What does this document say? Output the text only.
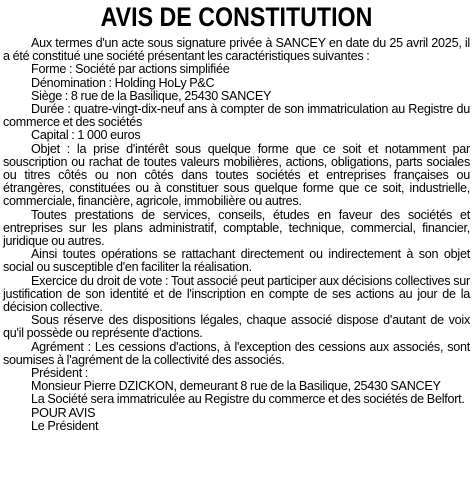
AVIS DE CONSTITUTION

Aux termes d'un acte sous signature privée à SANCEY en date du 25 avril 2025, il a été constitué une société présentant les caractéristiques suivantes :

Forme : Société par actions simplifiée

Dénomination : Holding HoLy P&C

Siège : 8 rue de la Basilique, 25430 SANCEY

Durée : quatre-vingt-dix-neuf ans à compter de son immatriculation au Registre du commerce et des sociétés

Capital : 1 000 euros

Objet : la prise d'intérêt sous quelque forme que ce soit et notamment par souscription ou rachat de toutes valeurs mobilières, actions, obligations, parts sociales ou titres côtés ou non côtés dans toutes sociétés et entreprises françaises ou étrangères, constituées ou à constituer sous quelque forme que ce soit, industrielle, commerciale, financière, agricole, immobilière ou autres.

Toutes prestations de services, conseils, études en faveur des sociétés et entreprises sur les plans administratif, comptable, technique, commercial, financier, juridique ou autres.

Ainsi toutes opérations se rattachant directement ou indirectement à son objet social ou susceptible d'en faciliter la réalisation.

Exercice du droit de vote : Tout associé peut participer aux décisions collectives sur justification de son identité et de l'inscription en compte de ses actions au jour de la décision collective.

Sous réserve des dispositions légales, chaque associé dispose d'autant de voix qu'il possède ou représente d'actions.

Agrément : Les cessions d'actions, à l'exception des cessions aux associés, sont soumises à l'agrément de la collectivité des associés.

Président :

Monsieur Pierre DZICKON, demeurant 8 rue de la Basilique, 25430 SANCEY

La Société sera immatriculée au Registre du commerce et des sociétés de Belfort.

POUR AVIS

Le Président
